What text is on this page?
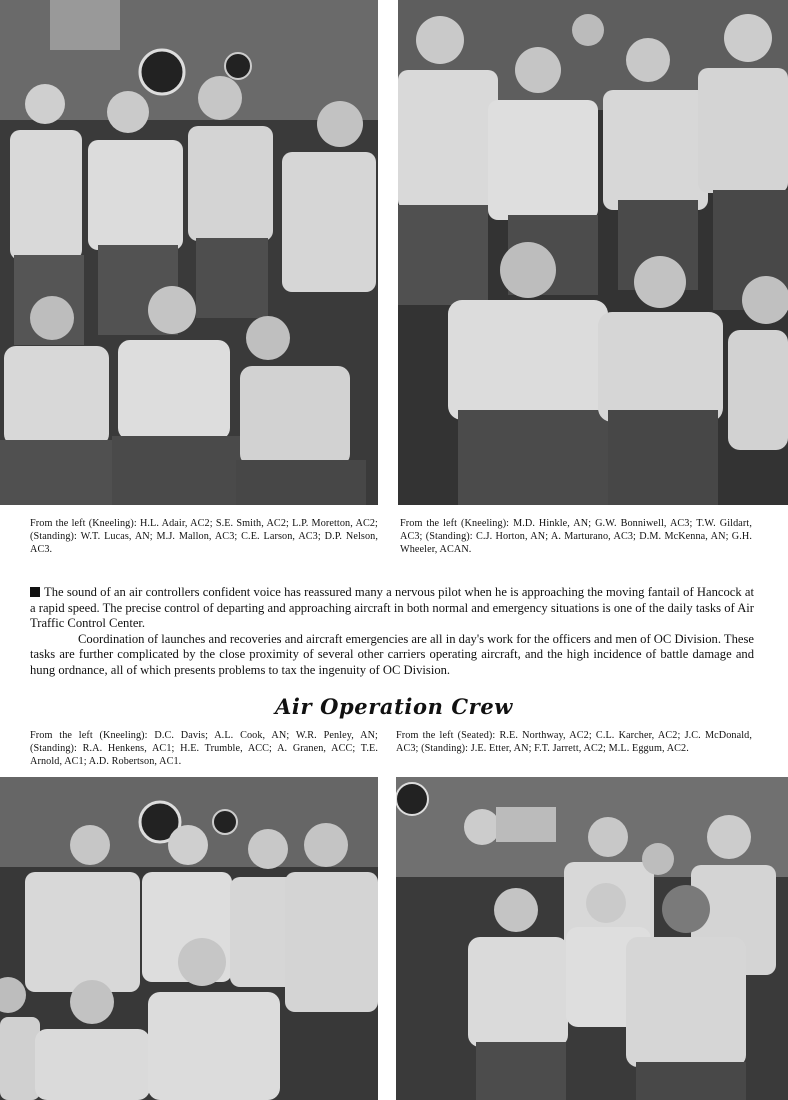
From the left (Kneeling): H.L. Adair, AC2; S.E. Smith, AC2; L.P. Moretton, AC2; (Standing): W.T. Lucas, AN; M.J. Mallon, AC3; C.E. Larson, AC3; D.P. Nelson, AC3.
From the left (Kneeling): M.D. Hinkle, AN; G.W. Bonniwell, AC3; T.W. Gildart, AC3; (Standing): C.J. Horton, AN; A. Marturano, AC3; D.M. McKenna, AN; G.H. Wheeler, ACAN.

The sound of an air controllers confident voice has reassured many a nervous pilot when he is approaching the moving fantail of Hancock at a rapid speed. The precise control of departing and approaching aircraft in both normal and emergency situations is one of the daily tasks of Air Traffic Control Center.

Coordination of launches and recoveries and aircraft emergencies are all in day's work for the officers and men of OC Division. These tasks are further complicated by the close proximity of several other carriers operating aircraft, and the high incidence of battle damage and hung ordnance, all of which presents problems to tax the ingenuity of OC Division.

Air Operation Crew
From the left (Kneeling): D.C. Davis; A.L. Cook, AN; W.R. Penley, AN; (Standing): R.A. Henkens, AC1; H.E. Trumble, ACC; A. Granen, ACC; T.E. Arnold, AC1; A.D. Robertson, AC1.
From the left (Seated): R.E. Northway, AC2; C.L. Karcher, AC2; J.C. McDonald, AC3; (Standing): J.E. Etter, AN; F.T. Jarrett, AC2; M.L. Eggum, AC2.
